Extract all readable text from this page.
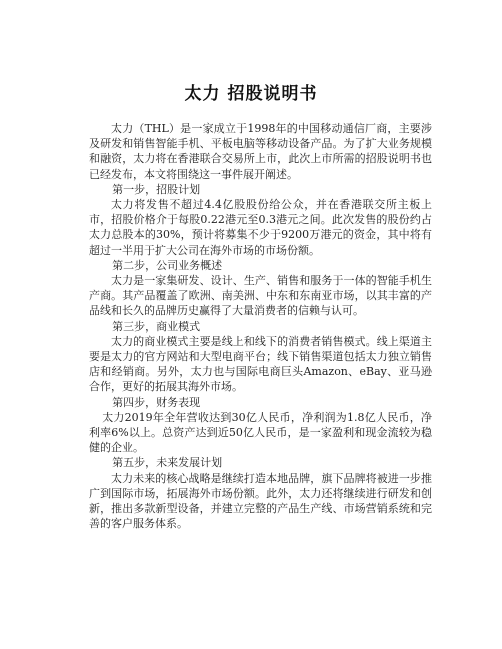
太力 招股说明书

太力（THL）是一家成立于1998年的中国移动通信厂商，主要涉及研发和销售智能手机、平板电脑等移动设备产品。为了扩大业务规模和融资，太力将在香港联合交易所上市，此次上市所需的招股说明书也已经发布，本文将围绕这一事件展开阐述。

第一步，招股计划

太力将发售不超过4.4亿股股份给公众，并在香港联交所主板上市，招股价格介于每股0.22港元至0.3港元之间。此次发售的股份约占太力总股本的30%，预计将募集不少于9200万港元的资金，其中将有超过一半用于扩大公司在海外市场的市场份额。

第二步，公司业务概述

太力是一家集研发、设计、生产、销售和服务于一体的智能手机生产商。其产品覆盖了欧洲、南美洲、中东和东南亚市场，以其丰富的产品线和长久的品牌历史赢得了大量消费者的信赖与认可。

第三步，商业模式

太力的商业模式主要是线上和线下的消费者销售模式。线上渠道主要是太力的官方网站和大型电商平台；线下销售渠道包括太力独立销售店和经销商。另外，太力也与国际电商巨头Amazon、eBay、亚马逊合作，更好的拓展其海外市场。

第四步，财务表现

太力2019年全年营收达到30亿人民币，净利润为1.8亿人民币，净利率6%以上。总资产达到近50亿人民币，是一家盈利和现金流较为稳健的企业。

第五步，未来发展计划

太力未来的核心战略是继续打造本地品牌，旗下品牌将被进一步推广到国际市场，拓展海外市场份额。此外，太力还将继续进行研发和创新，推出多款新型设备，并建立完整的产品生产线、市场营销系统和完善的客户服务体系。
